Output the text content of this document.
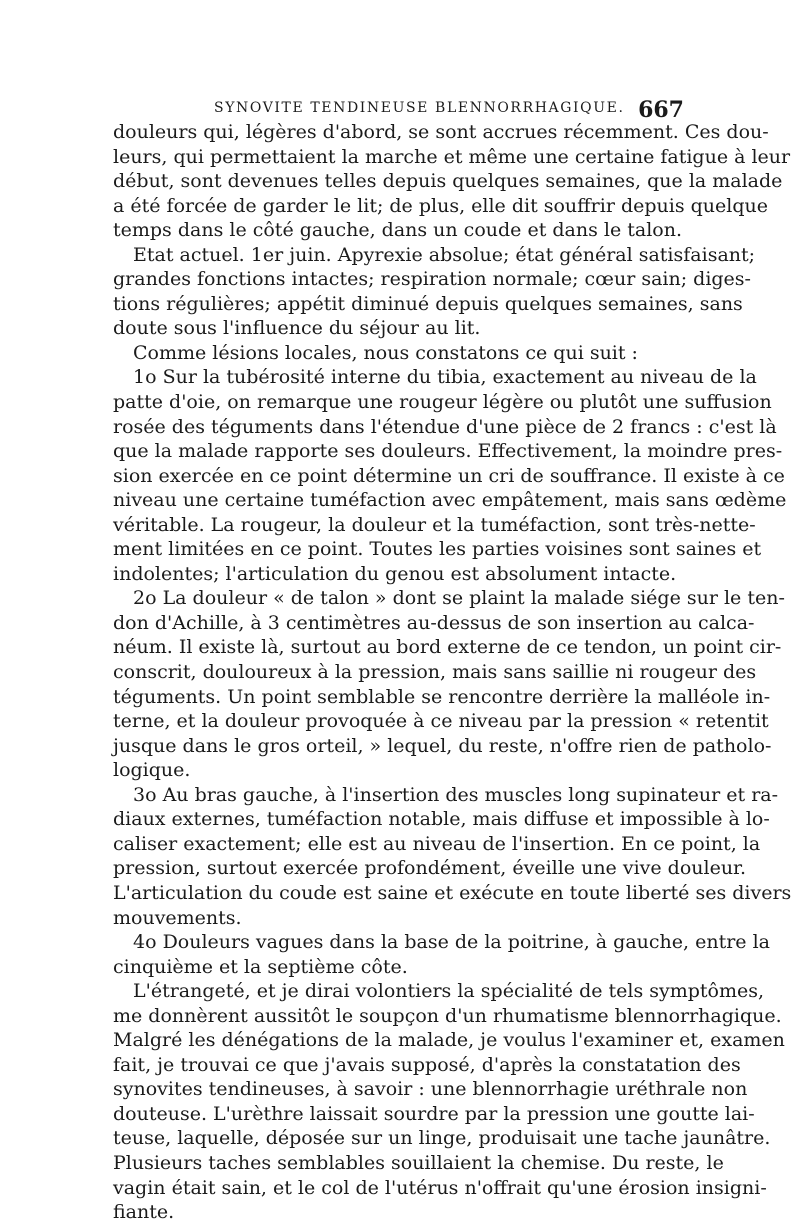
SYNOVITE TENDINEUSE BLENNORRHAGIQUE. 667
douleurs qui, légères d'abord, se sont accrues récemment. Ces dou-
leurs, qui permettaient la marche et même une certaine fatigue à leur
début, sont devenues telles depuis quelques semaines, que la malade
a été forcée de garder le lit; de plus, elle dit souffrir depuis quelque
temps dans le côté gauche, dans un coude et dans le talon.
Etat actuel. 1er juin. Apyrexie absolue; état général satisfaisant;
grandes fonctions intactes; respiration normale; cœur sain; diges-
tions régulières; appétit diminué depuis quelques semaines, sans
doute sous l'influence du séjour au lit.
Comme lésions locales, nous constatons ce qui suit :
1o Sur la tubérosité interne du tibia, exactement au niveau de la
patte d'oie, on remarque une rougeur légère ou plutôt une suffusion
rosée des téguments dans l'étendue d'une pièce de 2 francs : c'est là
que la malade rapporte ses douleurs. Effectivement, la moindre pres-
sion exercée en ce point détermine un cri de souffrance. Il existe à ce
niveau une certaine tuméfaction avec empâtement, mais sans œdème
véritable. La rougeur, la douleur et la tuméfaction, sont très-nette-
ment limitées en ce point. Toutes les parties voisines sont saines et
indolentes; l'articulation du genou est absolument intacte.
2o La douleur « de talon » dont se plaint la malade siége sur le ten-
don d'Achille, à 3 centimètres au-dessus de son insertion au calca-
néum. Il existe là, surtout au bord externe de ce tendon, un point cir-
conscrit, douloureux à la pression, mais sans saillie ni rougeur des
téguments. Un point semblable se rencontre derrière la malléole in-
terne, et la douleur provoquée à ce niveau par la pression « retentit
jusque dans le gros orteil, » lequel, du reste, n'offre rien de patholo-
logique.
3o Au bras gauche, à l'insertion des muscles long supinateur et ra-
diaux externes, tuméfaction notable, mais diffuse et impossible à lo-
caliser exactement; elle est au niveau de l'insertion. En ce point, la
pression, surtout exercée profondément, éveille une vive douleur.
L'articulation du coude est saine et exécute en toute liberté ses divers
mouvements.
4o Douleurs vagues dans la base de la poitrine, à gauche, entre la
cinquième et la septième côte.
L'étrangeté, et je dirai volontiers la spécialité de tels symptômes,
me donnèrent aussitôt le soupçon d'un rhumatisme blennorrhagique.
Malgré les dénégations de la malade, je voulus l'examiner et, examen
fait, je trouvai ce que j'avais supposé, d'après la constatation des
synovites tendineuses, à savoir : une blennorrhagie uréthrale non
douteuse. L'urèthre laissait sourdre par la pression une goutte lai-
teuse, laquelle, déposée sur un linge, produisait une tache jaunâtre.
Plusieurs taches semblables souillaient la chemise. Du reste, le
vagin était sain, et le col de l'utérus n'offrait qu'une érosion insigni-
fiante.
